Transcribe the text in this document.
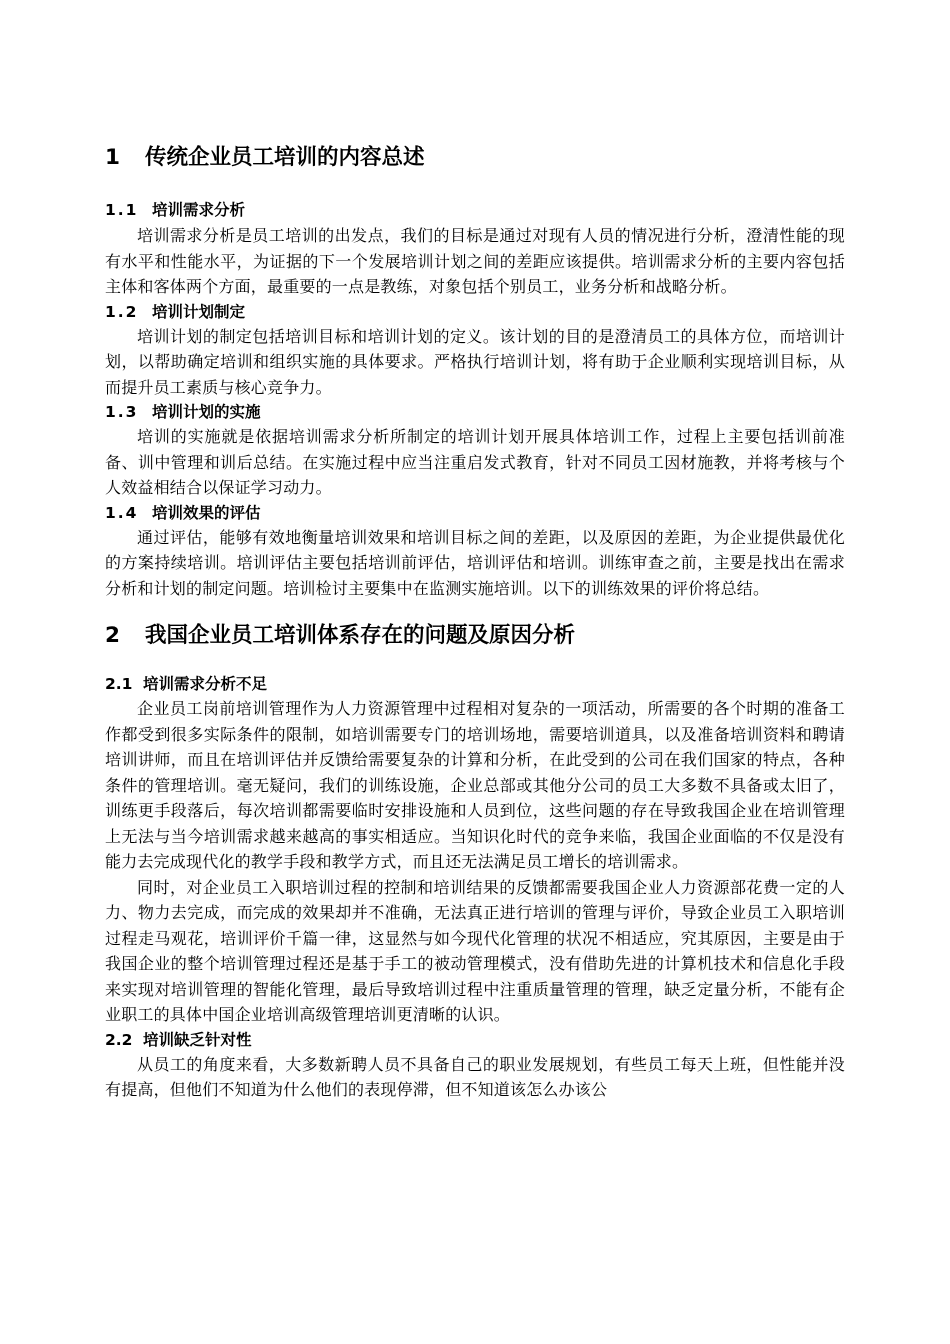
1 传统企业员工培训的内容总述
1.1 培训需求分析

培训需求分析是员工培训的出发点，我们的目标是通过对现有人员的情况进行分析，澄清性能的现有水平和性能水平，为证据的下一个发展培训计划之间的差距应该提供。培训需求分析的主要内容包括主体和客体两个方面，最重要的一点是教练，对象包括个别员工，业务分析和战略分析。

1.2 培训计划制定

培训计划的制定包括培训目标和培训计划的定义。该计划的目的是澄清员工的具体方位，而培训计划，以帮助确定培训和组织实施的具体要求。严格执行培训计划，将有助于企业顺利实现培训目标，从而提升员工素质与核心竞争力。

1.3 培训计划的实施

培训的实施就是依据培训需求分析所制定的培训计划开展具体培训工作，过程上主要包括训前准备、训中管理和训后总结。在实施过程中应当注重启发式教育，针对不同员工因材施教，并将考核与个人效益相结合以保证学习动力。

1.4 培训效果的评估

通过评估，能够有效地衡量培训效果和培训目标之间的差距，以及原因的差距，为企业提供最优化的方案持续培训。培训评估主要包括培训前评估，培训评估和培训。训练审查之前，主要是找出在需求分析和计划的制定问题。培训检讨主要集中在监测实施培训。以下的训练效果的评价将总结。

2 我国企业员工培训体系存在的问题及原因分析
2.1 培训需求分析不足

企业员工岗前培训管理作为人力资源管理中过程相对复杂的一项活动，所需要的各个时期的准备工作都受到很多实际条件的限制，如培训需要专门的培训场地，需要培训道具，以及准备培训资料和聘请培训讲师，而且在培训评估并反馈给需要复杂的计算和分析，在此受到的公司在我们国家的特点，各种条件的管理培训。毫无疑问，我们的训练设施，企业总部或其他分公司的员工大多数不具备或太旧了，训练更手段落后，每次培训都需要临时安排设施和人员到位，这些问题的存在导致我国企业在培训管理上无法与当今培训需求越来越高的事实相适应。当知识化时代的竞争来临，我国企业面临的不仅是没有能力去完成现代化的教学手段和教学方式，而且还无法满足员工增长的培训需求。

同时，对企业员工入职培训过程的控制和培训结果的反馈都需要我国企业人力资源部花费一定的人力、物力去完成，而完成的效果却并不准确，无法真正进行培训的管理与评价，导致企业员工入职培训过程走马观花，培训评价千篇一律，这显然与如今现代化管理的状况不相适应，究其原因，主要是由于我国企业的整个培训管理过程还是基于手工的被动管理模式，没有借助先进的计算机技术和信息化手段来实现对培训管理的智能化管理，最后导致培训过程中注重质量管理的管理，缺乏定量分析，不能有企业职工的具体中国企业培训高级管理培训更清晰的认识。

2.2 培训缺乏针对性

从员工的角度来看，大多数新聘人员不具备自己的职业发展规划，有些员工每天上班，但性能并没有提高，但他们不知道为什么他们的表现停滞，但不知道该怎么办该公
